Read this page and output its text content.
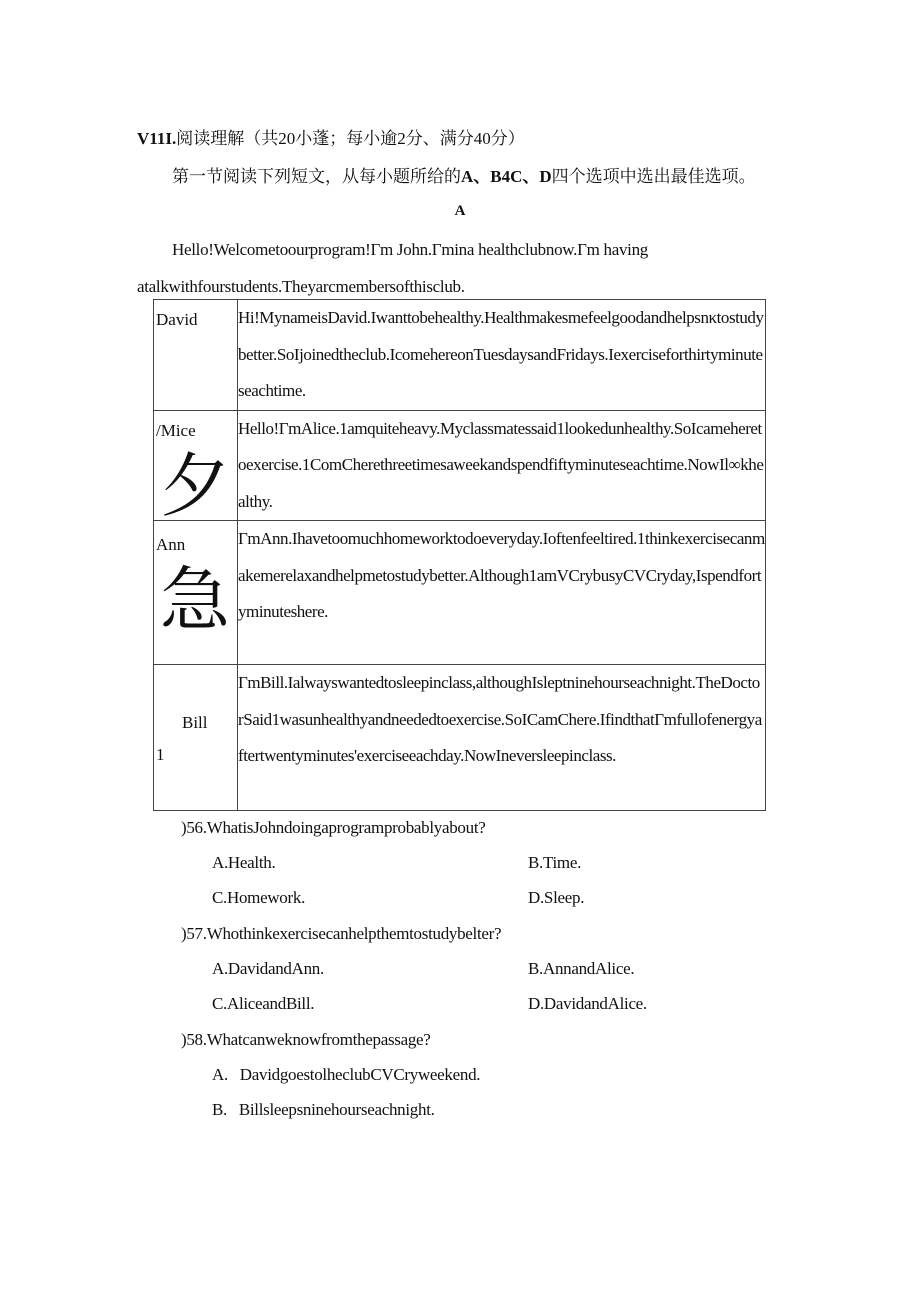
V11I.阅读理解（共20小蓬；每小逾2分、满分40分）
第一节阅读下列短文，从每小题所给的A、B4C、D四个选项中选出最佳选项。
A
Hello!Welcometoourprogram!Γm John.Γmina healthclubnow.Γm having
atalkwithfourstudents.Theyarcmembersofthisclub.
David	Hi!MynameisDavid.Iwanttobehealthy.Healthmakesmefeelgoodandhelpsnκtostudybetter.SoIjoinedtheclub.IcomehereonTuesdaysandFridays.Iexerciseforthirtyminuteseachtime.

/Mice
夕	Hello!ΓmAlice.1amquiteheavy.Myclassmatessaid1lookedunhealthy.SoIcameheretoexercise.1ComCherethreetimesaweekandspendfiftyminuteseachtime.NowIl∞khealthy.

Ann
急	ΓmAnn.Ihavetoomuchhomeworktodoeveryday.Ioftenfeeltired.1thinkexercisecanmakemerelaxandhelpmetostudybetter.Although1amVCrybusyCVCryday,Ispendfortyminuteshere.

Bill
1	ΓmBill.Ialwayswantedtosleepinclass,althoughIsleptninehourseachnight.TheDoctorSaid1wasunhealthyandneededtoexercise.SoICamChere.IfindthatΓmfullofenergyaftertwentyminutes'exerciseeachday.NowIneversleepinclass.
)56.WhatisJohndoingaprogramprobablyabout?
A.Health.	B.Time.
C.Homework.	D.Sleep.
)57.Whothinkexercisecanhelpthemtostudybelter?
A.DavidandAnn.	B.AnnandAlice.
C.AliceandBill.	D.DavidandAlice.
)58.Whatcanweknowfromthepassage?
A.   DavidgoestolheclubCVCryweekend.
B.   Billsleepsninehourseachnight.
